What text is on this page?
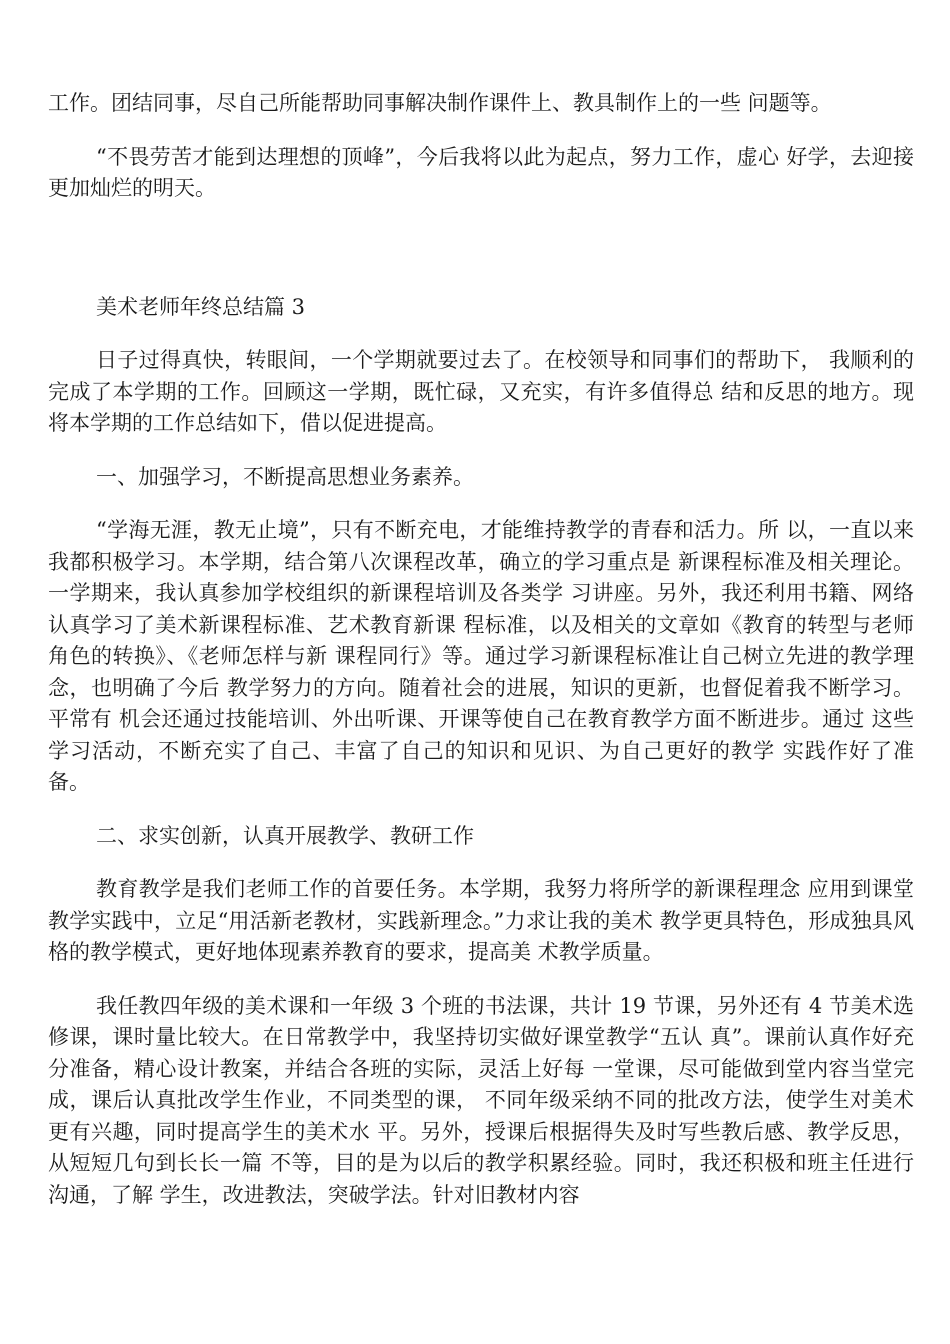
工作。团结同事，尽自己所能帮助同事解决制作课件上、教具制作上的一些 问题等。

“不畏劳苦才能到达理想的顶峰”，今后我将以此为起点，努力工作，虚心 好学，去迎接更加灿烂的明天。

美术老师年终总结篇 3

日子过得真快，转眼间，一个学期就要过去了。在校领导和同事们的帮助下， 我顺利的完成了本学期的工作。回顾这一学期，既忙碌，又充实，有许多值得总 结和反思的地方。现将本学期的工作总结如下，借以促进提高。

一、加强学习，不断提高思想业务素养。

“学海无涯，教无止境”，只有不断充电，才能维持教学的青春和活力。所 以，一直以来我都积极学习。本学期，结合第八次课程改革，确立的学习重点是 新课程标准及相关理论。一学期来，我认真参加学校组织的新课程培训及各类学 习讲座。另外，我还利用书籍、网络认真学习了美术新课程标准、艺术教育新课 程标准，以及相关的文章如《教育的转型与老师角色的转换》、《老师怎样与新 课程同行》等。通过学习新课程标准让自己树立先进的教学理念，也明确了今后 教学努力的方向。随着社会的进展，知识的更新，也督促着我不断学习。平常有 机会还通过技能培训、外出听课、开课等使自己在教育教学方面不断进步。通过 这些学习活动，不断充实了自己、丰富了自己的知识和见识、为自己更好的教学 实践作好了准备。

二、求实创新，认真开展教学、教研工作

教育教学是我们老师工作的首要任务。本学期，我努力将所学的新课程理念 应用到课堂教学实践中，立足“用活新老教材，实践新理念。”力求让我的美术 教学更具特色，形成独具风格的教学模式，更好地体现素养教育的要求，提高美 术教学质量。

我任教四年级的美术课和一年级 3 个班的书法课，共计 19 节课，另外还有 4 节美术选修课，课时量比较大。在日常教学中，我坚持切实做好课堂教学“五认 真”。课前认真作好充分准备，精心设计教案，并结合各班的实际，灵活上好每 一堂课，尽可能做到堂内容当堂完成，课后认真批改学生作业，不同类型的课， 不同年级采纳不同的批改方法，使学生对美术更有兴趣，同时提高学生的美术水 平。另外，授课后根据得失及时写些教后感、教学反思，从短短几句到长长一篇 不等，目的是为以后的教学积累经验。同时，我还积极和班主任进行沟通，了解 学生，改进教法，突破学法。针对旧教材内容
